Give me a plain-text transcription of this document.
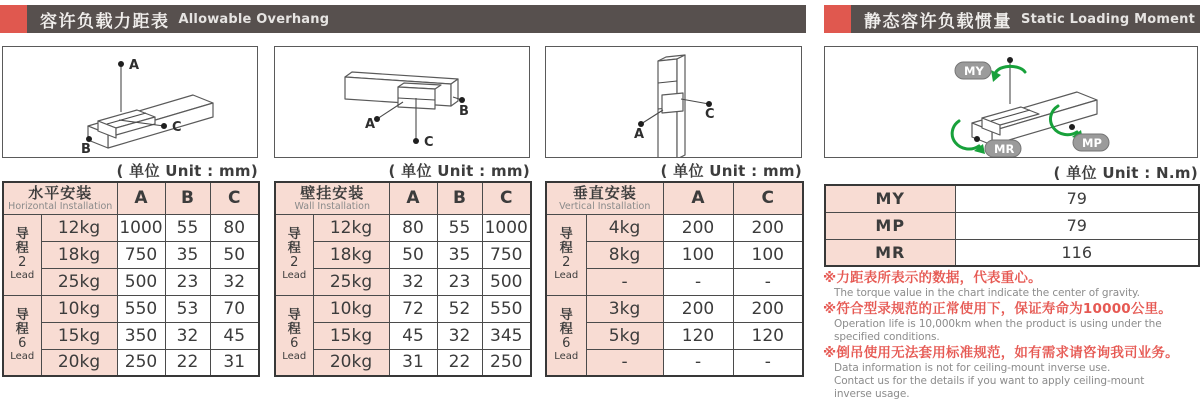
容许负载力距表 Allowable Overhang	静态容许负载惯量 Static Loading Moment
A
C
B
B
A
C
A
C
MY
MP
MR
( 单位 Unit : mm)	( 单位 Unit : mm)	( 单位 Unit : mm)	( 单位 Unit : N.m)
水平安装
Horizontal Installation		A	B	C

导
程
2
Lead	12kg	1000	55	80
	18kg	750	35	50
	25kg	500	23	32

导
程
6
Lead	10kg	550	53	70
	15kg	350	32	45
	20kg	250	22	31
壁挂安装
Wall Installation		A	B	C

导
程
2
Lead	12kg	80	55	1000
	18kg	50	35	750
	25kg	32	23	500

导
程
6
Lead	10kg	72	52	550
	15kg	45	32	345
	20kg	31	22	250
垂直安装
Vertical Installation		A	C

导
程
2
Lead	4kg	200	200
	8kg	100	100
	-	-	-

导
程
6
Lead	3kg	200	200
	5kg	120	120
	-	-	-
MY	79
MP	79
MR	116
※力距表所表示的数据，代表重心。
The torque value in the chart indicate the center of gravity.
※符合型录规范的正常使用下，保证寿命为10000公里。
Operation life is 10,000km when the product is using under the
specified conditions.
※倒吊使用无法套用标准规范，如有需求请咨询我司业务。
Data information is not for ceiling-mount inverse use.
Contact us for the details if you want to apply ceiling-mount
inverse usage.
